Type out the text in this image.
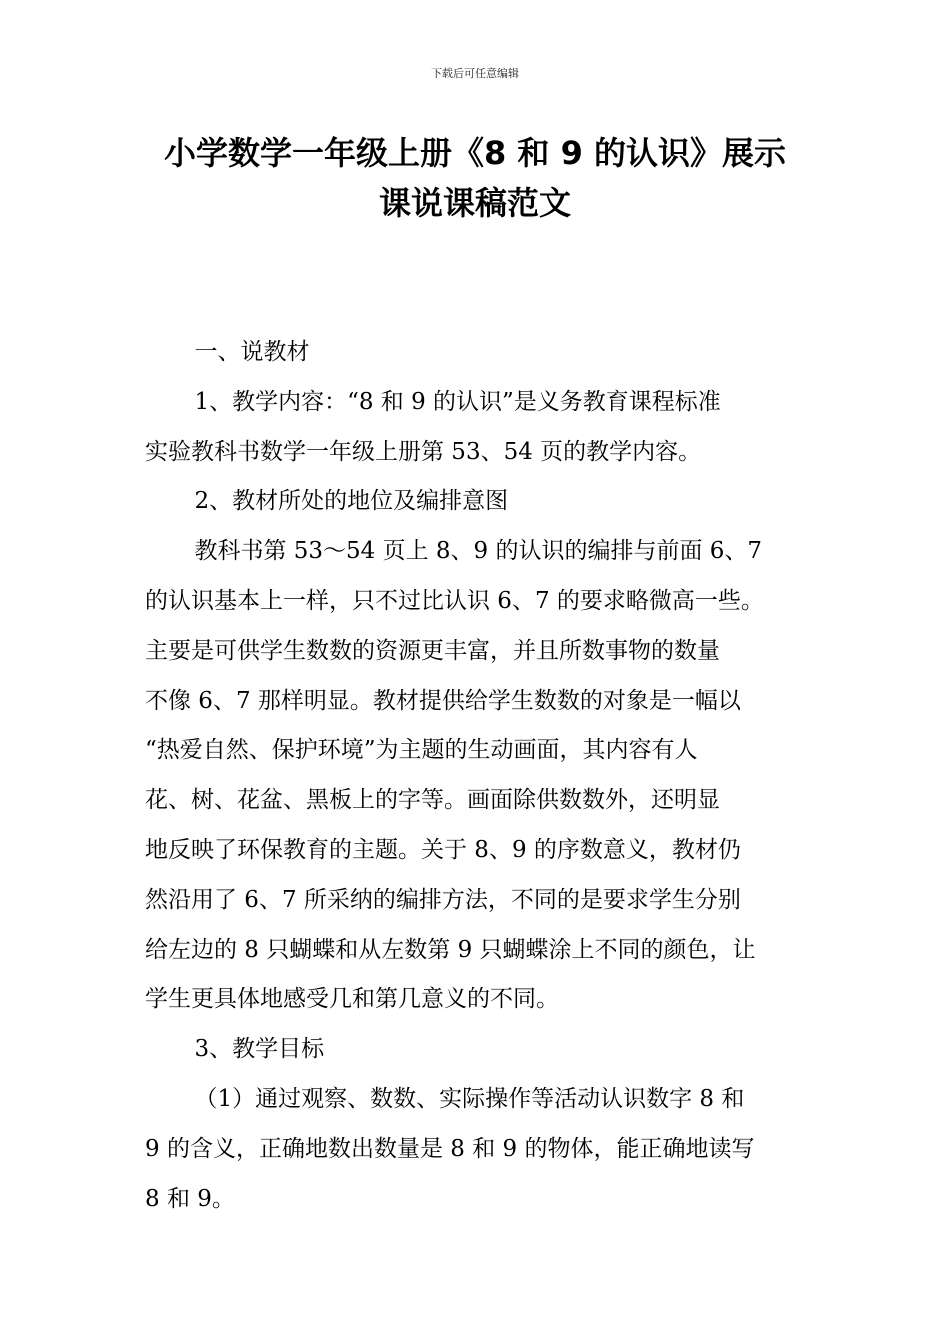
下载后可任意编辑
小学数学一年级上册《8 和 9 的认识》展示
课说课稿范文

一、说教材

1、教学内容：“8 和 9 的认识”是义务教育课程标准
实验教科书数学一年级上册第 53、54 页的教学内容。

2、教材所处的地位及编排意图

教科书第 53～54 页上 8、9 的认识的编排与前面 6、7
的认识基本上一样，只不过比认识 6、7 的要求略微高一些。
主要是可供学生数数的资源更丰富，并且所数事物的数量
不像 6、7 那样明显。教材提供给学生数数的对象是一幅以
“热爱自然、保护环境”为主题的生动画面，其内容有人
花、树、花盆、黑板上的字等。画面除供数数外，还明显
地反映了环保教育的主题。关于 8、9 的序数意义，教材仍
然沿用了 6、7 所采纳的编排方法，不同的是要求学生分别
给左边的 8 只蝴蝶和从左数第 9 只蝴蝶涂上不同的颜色，让
学生更具体地感受几和第几意义的不同。

3、教学目标

（1）通过观察、数数、实际操作等活动认识数字 8 和
9 的含义，正确地数出数量是 8 和 9 的物体，能正确地读写
8 和 9。
